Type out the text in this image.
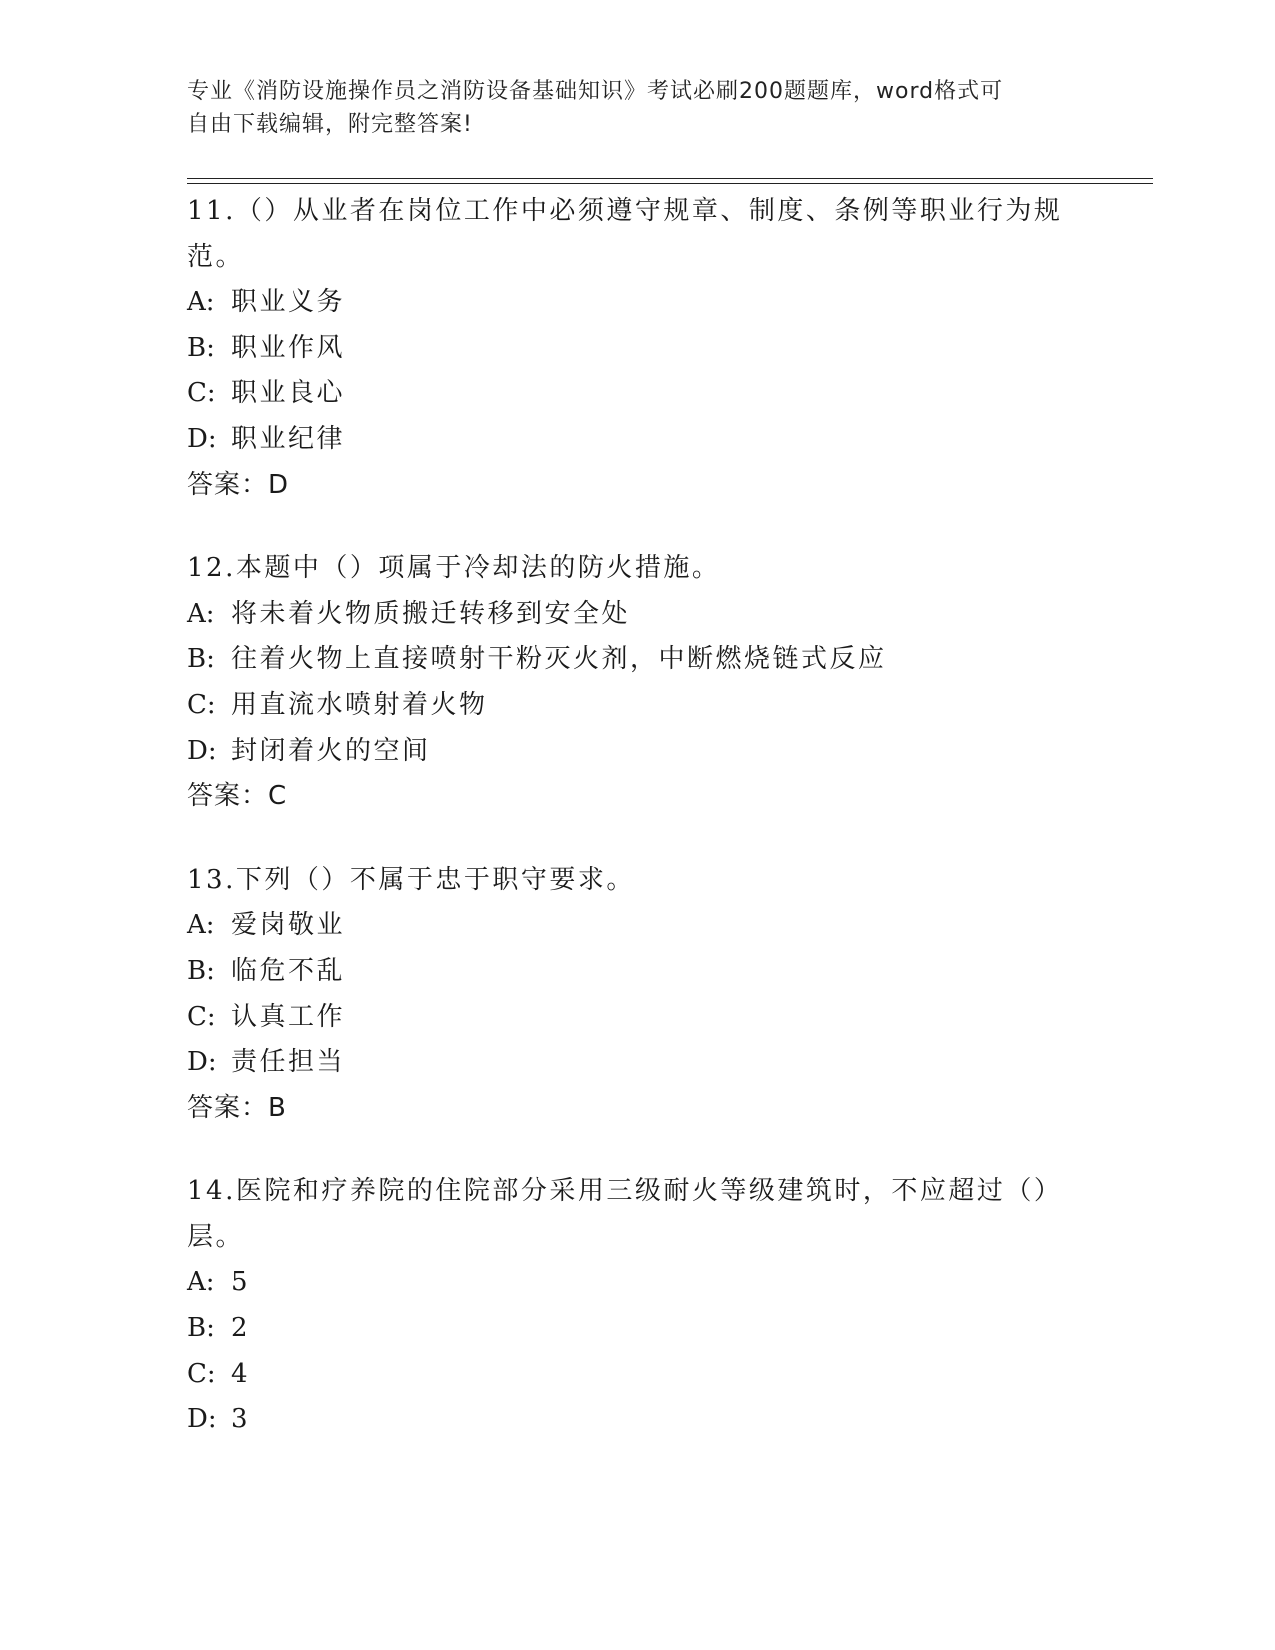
专业《消防设施操作员之消防设备基础知识》考试必刷200题题库，word格式可
自由下载编辑，附完整答案!
11.（）从业者在岗位工作中必须遵守规章、制度、条例等职业行为规
范。
A: 职业义务
B: 职业作风
C: 职业良心
D: 职业纪律
答案：D
12.本题中（）项属于冷却法的防火措施。
A: 将未着火物质搬迁转移到安全处
B: 往着火物上直接喷射干粉灭火剂，中断燃烧链式反应
C: 用直流水喷射着火物
D: 封闭着火的空间
答案：C
13.下列（）不属于忠于职守要求。
A: 爱岗敬业
B: 临危不乱
C: 认真工作
D: 责任担当
答案：B
14.医院和疗养院的住院部分采用三级耐火等级建筑时，不应超过（）
层。
A: 5
B: 2
C: 4
D: 3
